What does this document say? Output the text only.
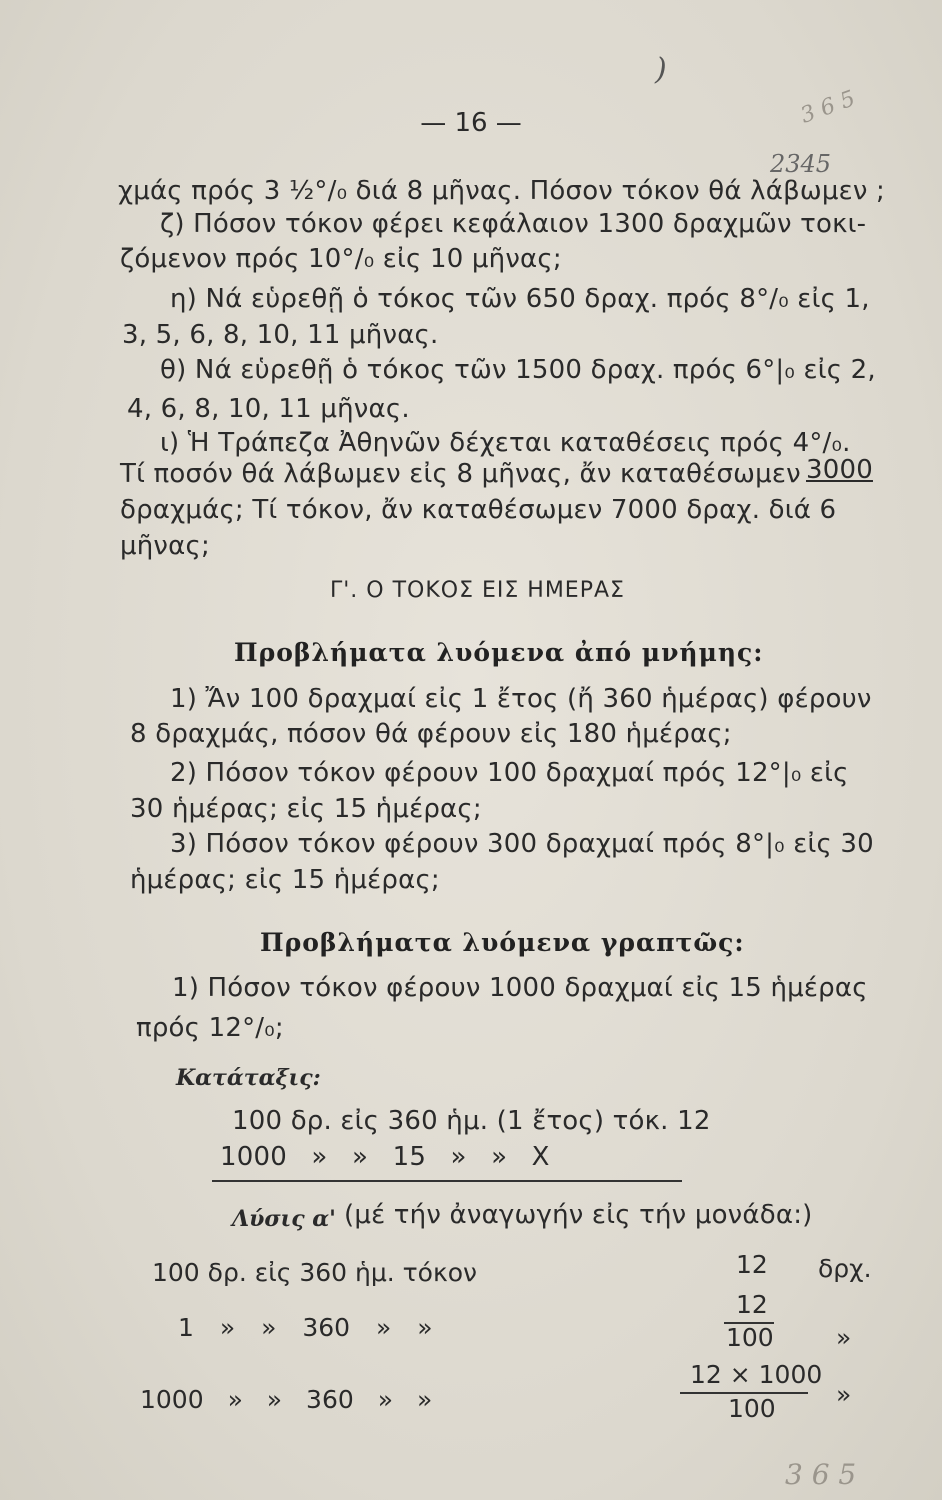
— 16 —
)
2345
3 6 5
3 6 5
χμάς πρός 3 ½°/₀ διά 8 μῆνας. Πόσον τόκον θά λάβωμεν ;
ζ) Πόσον τόκον φέρει κεφάλαιον 1300 δραχμῶν τοκι-
ζόμενον πρός 10°/₀ εἰς 10 μῆνας;
η) Νά εὑρεθῇ ὁ τόκος τῶν 650 δραχ. πρός 8°/₀ εἰς 1,
3, 5, 6, 8, 10, 11 μῆνας.
θ) Νά εὑρεθῇ ὁ τόκος τῶν 1500 δραχ. πρός 6°|₀ εἰς 2,
4, 6, 8, 10, 11 μῆνας.
ι) Ἡ Τράπεζα Ἀθηνῶν δέχεται καταθέσεις πρός 4°/₀.
Τί ποσόν θά λάβωμεν εἰς 8 μῆνας, ἄν καταθέσωμεν 3000
δραχμάς; Τί τόκον, ἄν καταθέσωμεν 7000 δραχ. διά 6
μῆνας;
Γ'. Ο ΤΟΚΟΣ ΕΙΣ ΗΜΕΡΑΣ
Προβλήματα λυόμενα ἀπό μνήμης:
1) Ἄν 100 δραχμαί εἰς 1 ἔτος (ἤ 360 ἡμέρας) φέρουν
8 δραχμάς, πόσον θά φέρουν εἰς 180 ἡμέρας;
2) Πόσον τόκον φέρουν 100 δραχμαί πρός 12°|₀ εἰς
30 ἡμέρας; εἰς 15 ἡμέρας;
3) Πόσον τόκον φέρουν 300 δραχμαί πρός 8°|₀ εἰς 30
ἡμέρας; εἰς 15 ἡμέρας;
Προβλήματα λυόμενα γραπτῶς:
1) Πόσον τόκον φέρουν 1000 δραχμαί εἰς 15 ἡμέρας
πρός 12°/₀;
Κατάταξις:
100 δρ. εἰς 360 ἡμ. (1 ἔτος) τόκ. 12
1000 » » 15 » » X
Λύσις α' (μέ τήν ἀναγωγήν εἰς τήν μονάδα:)
100 δρ. εἰς 360 ἡμ. τόκον	12 δρχ.
1 » » 360 » »
12
100 »
1000 » » 360 » »
12 × 1000
100 »
